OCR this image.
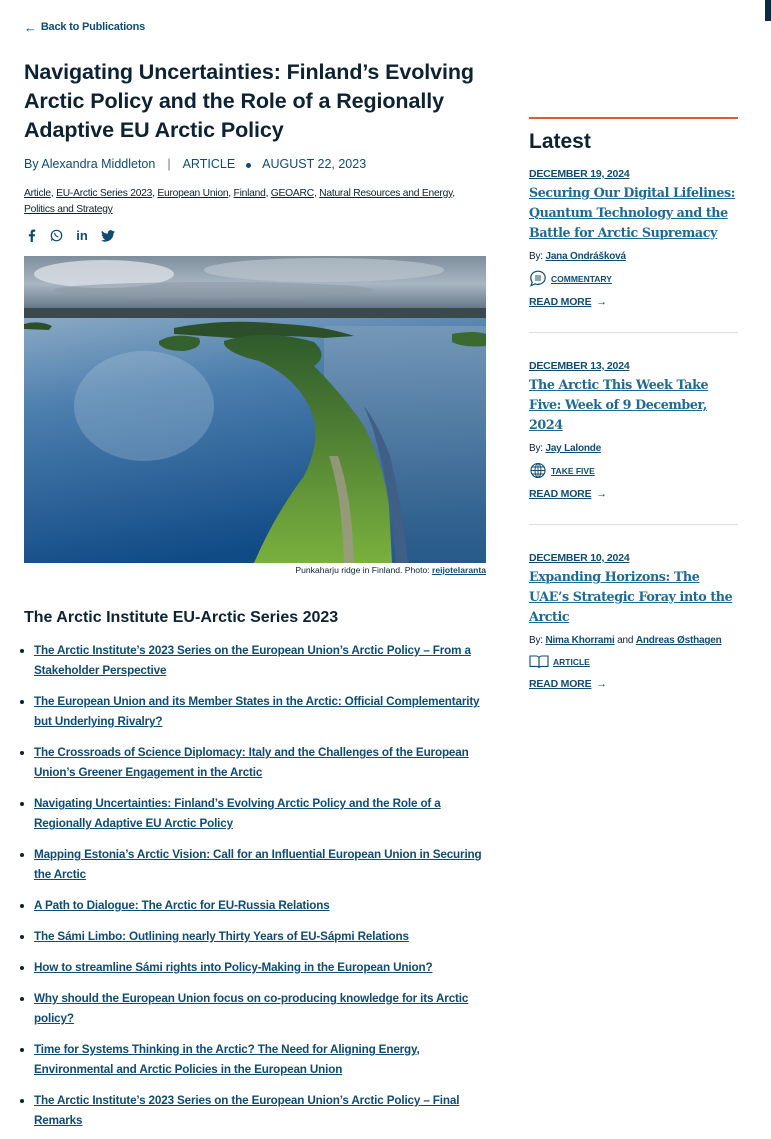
← Back to Publications
Navigating Uncertainties: Finland’s Evolving Arctic Policy and the Role of a Regionally Adaptive EU Arctic Policy
By Alexandra Middleton | ARTICLE AUGUST 22, 2023
Article, EU-Arctic Series 2023, European Union, Finland, GEOARC, Natural Resources and Energy,
Politics and Strategy
in
Punkaharju ridge in Finland. Photo: reijotelaranta
The Arctic Institute EU-Arctic Series 2023
The Arctic Institute’s 2023 Series on the European Union’s Arctic Policy – From a Stakeholder Perspective
The European Union and its Member States in the Arctic: Official Complementarity but Underlying Rivalry?
The Crossroads of Science Diplomacy: Italy and the Challenges of the European Union’s Greener Engagement in the Arctic
Navigating Uncertainties: Finland’s Evolving Arctic Policy and the Role of a Regionally Adaptive EU Arctic Policy
Mapping Estonia’s Arctic Vision: Call for an Influential European Union in Securing the Arctic
A Path to Dialogue: The Arctic for EU-Russia Relations
The Sámi Limbo: Outlining nearly Thirty Years of EU-Sápmi Relations
How to streamline Sámi rights into Policy-Making in the European Union?
Why should the European Union focus on co-producing knowledge for its Arctic policy?
Time for Systems Thinking in the Arctic? The Need for Aligning Energy, Environmental and Arctic Policies in the European Union
The Arctic Institute’s 2023 Series on the European Union’s Arctic Policy – Final Remarks
Latest
DECEMBER 19, 2024
Securing Our Digital Lifelines: Quantum Technology and the Battle for Arctic Supremacy
By: Jana Ondrášková
COMMENTARY
READ MORE →
DECEMBER 13, 2024
The Arctic This Week Take Five: Week of 9 December, 2024
By: Jay Lalonde
TAKE FIVE
READ MORE →
DECEMBER 10, 2024
Expanding Horizons: The UAE’s Strategic Foray into the Arctic
By: Nima Khorrami and Andreas Østhagen
ARTICLE
READ MORE →
